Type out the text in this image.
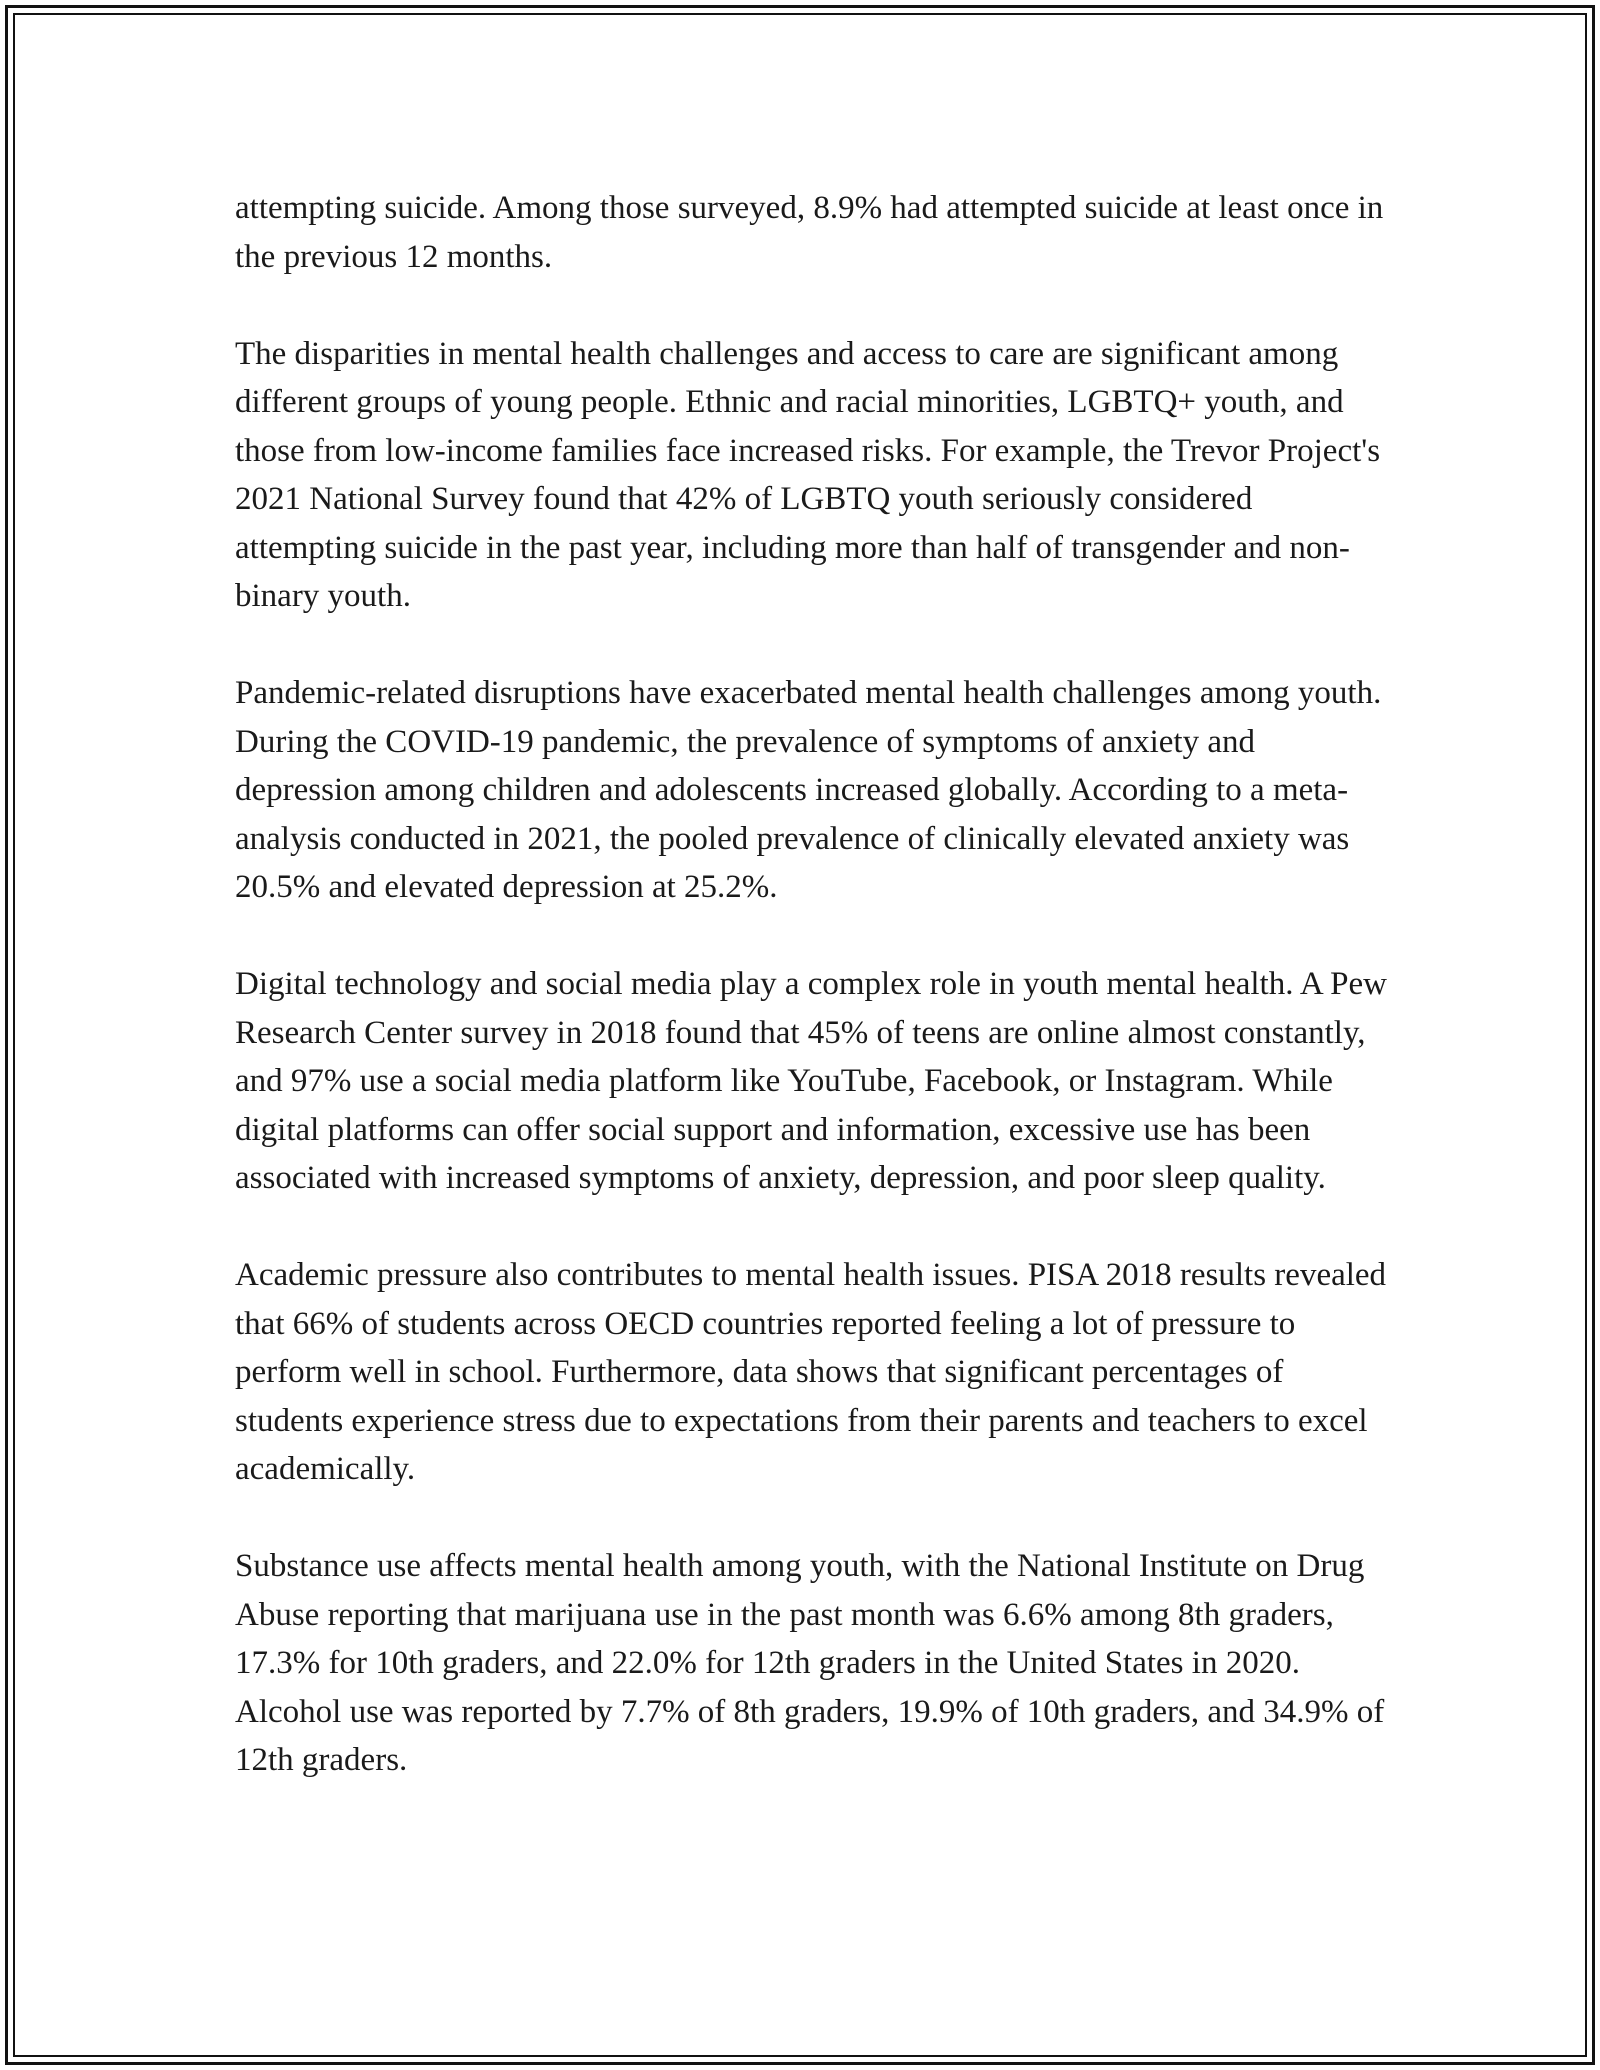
attempting suicide. Among those surveyed, 8.9% had attempted suicide at least once in the previous 12 months.

The disparities in mental health challenges and access to care are significant among different groups of young people. Ethnic and racial minorities, LGBTQ+ youth, and those from low-income families face increased risks. For example, the Trevor Project's 2021 National Survey found that 42% of LGBTQ youth seriously considered attempting suicide in the past year, including more than half of transgender and non-binary youth.

Pandemic-related disruptions have exacerbated mental health challenges among youth. During the COVID-19 pandemic, the prevalence of symptoms of anxiety and depression among children and adolescents increased globally. According to a meta-analysis conducted in 2021, the pooled prevalence of clinically elevated anxiety was 20.5% and elevated depression at 25.2%.

Digital technology and social media play a complex role in youth mental health. A Pew Research Center survey in 2018 found that 45% of teens are online almost constantly, and 97% use a social media platform like YouTube, Facebook, or Instagram. While digital platforms can offer social support and information, excessive use has been associated with increased symptoms of anxiety, depression, and poor sleep quality.

Academic pressure also contributes to mental health issues. PISA 2018 results revealed that 66% of students across OECD countries reported feeling a lot of pressure to perform well in school. Furthermore, data shows that significant percentages of students experience stress due to expectations from their parents and teachers to excel academically.

Substance use affects mental health among youth, with the National Institute on Drug Abuse reporting that marijuana use in the past month was 6.6% among 8th graders, 17.3% for 10th graders, and 22.0% for 12th graders in the United States in 2020. Alcohol use was reported by 7.7% of 8th graders, 19.9% of 10th graders, and 34.9% of 12th graders.
